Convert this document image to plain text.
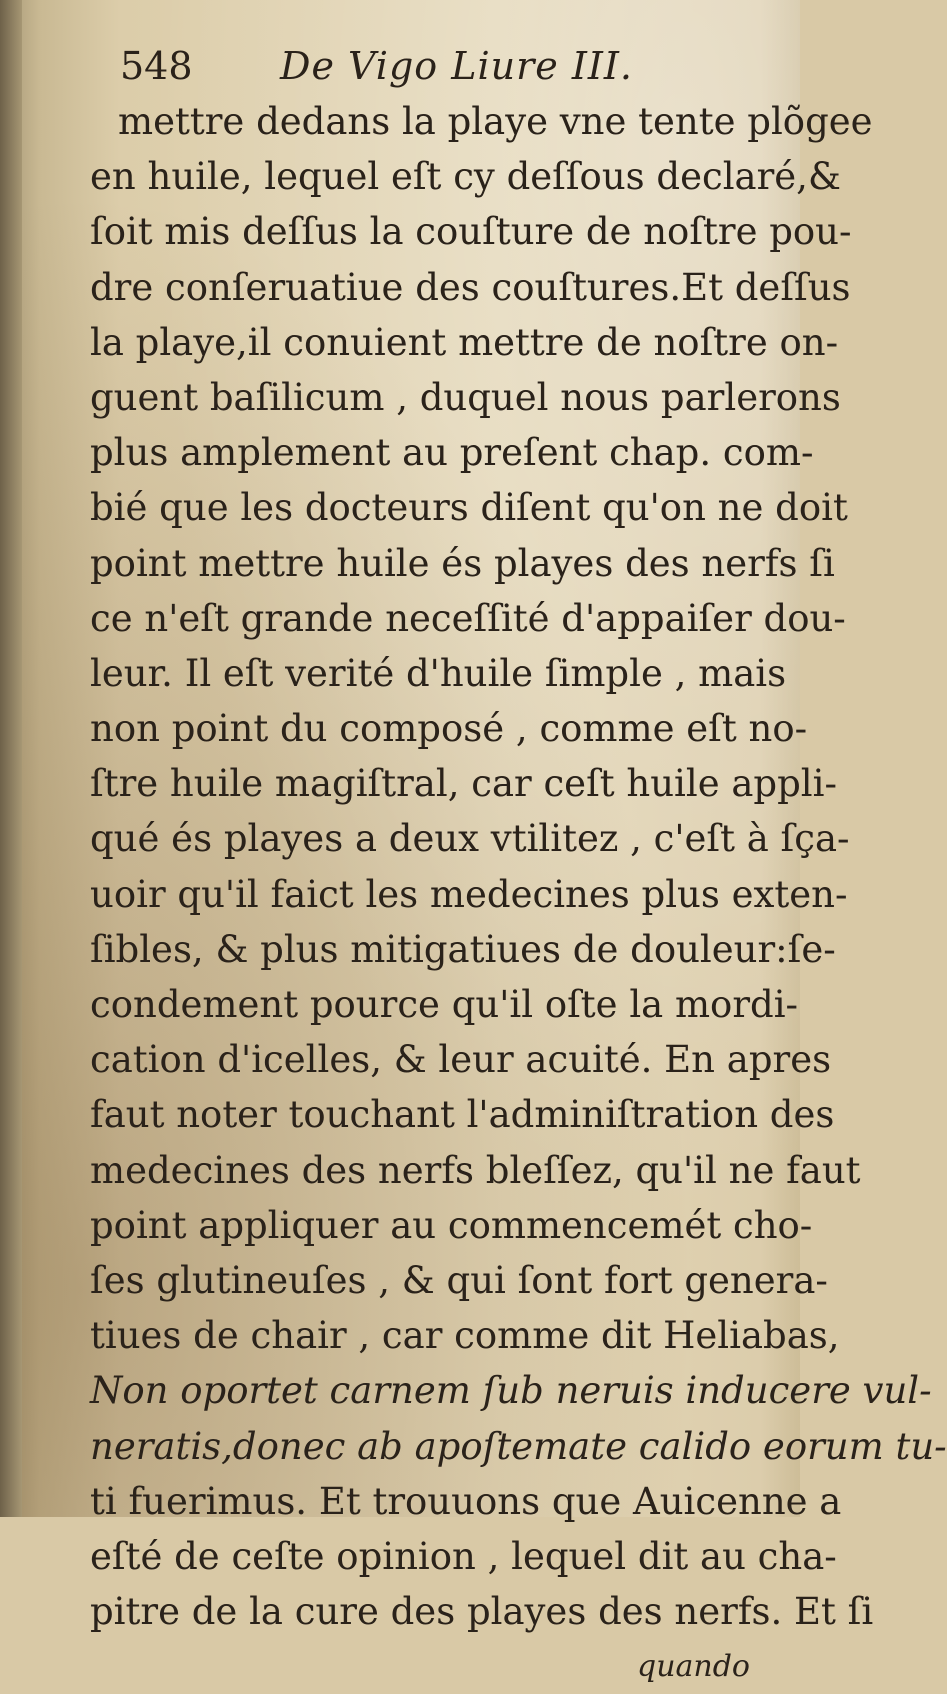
548 De Vigo Liure III.
mettre dedans la playe vne tente plõgee
en huile, lequel eſt cy deſſous declaré,&
ſoit mis deſſus la couſture de noſtre pou-
dre conſeruatiue des couſtures.Et deſſus
la playe,il conuient mettre de noſtre on-
guent baſilicum , duquel nous parlerons
plus amplement au preſent chap. com-
bié que les docteurs diſent qu'on ne doit
point mettre huile és playes des nerfs ſi
ce n'eſt grande neceſſité d'appaiſer dou-
leur. Il eſt verité d'huile ſimple , mais
non point du composé , comme eſt no-
ſtre huile magiſtral, car ceſt huile appli-
qué és playes a deux vtilitez , c'eſt à ſça-
uoir qu'il faict les medecines plus exten-
ſibles, & plus mitigatiues de douleur:ſe-
condement pource qu'il oſte la mordi-
cation d'icelles, & leur acuité. En apres
faut noter touchant l'adminiſtration des
medecines des nerfs bleſſez, qu'il ne faut
point appliquer au commencemét cho-
ſes glutineuſes , & qui ſont fort genera-
tiues de chair , car comme dit Heliabas,
Non oportet carnem ſub neruis inducere vul-
neratis,donec ab apoſtemate calido eorum tu-
ti fuerimus. Et trouuons que Auicenne a
eſté de ceſte opinion , lequel dit au cha-
pitre de la cure des playes des nerfs. Et ſi
quando
